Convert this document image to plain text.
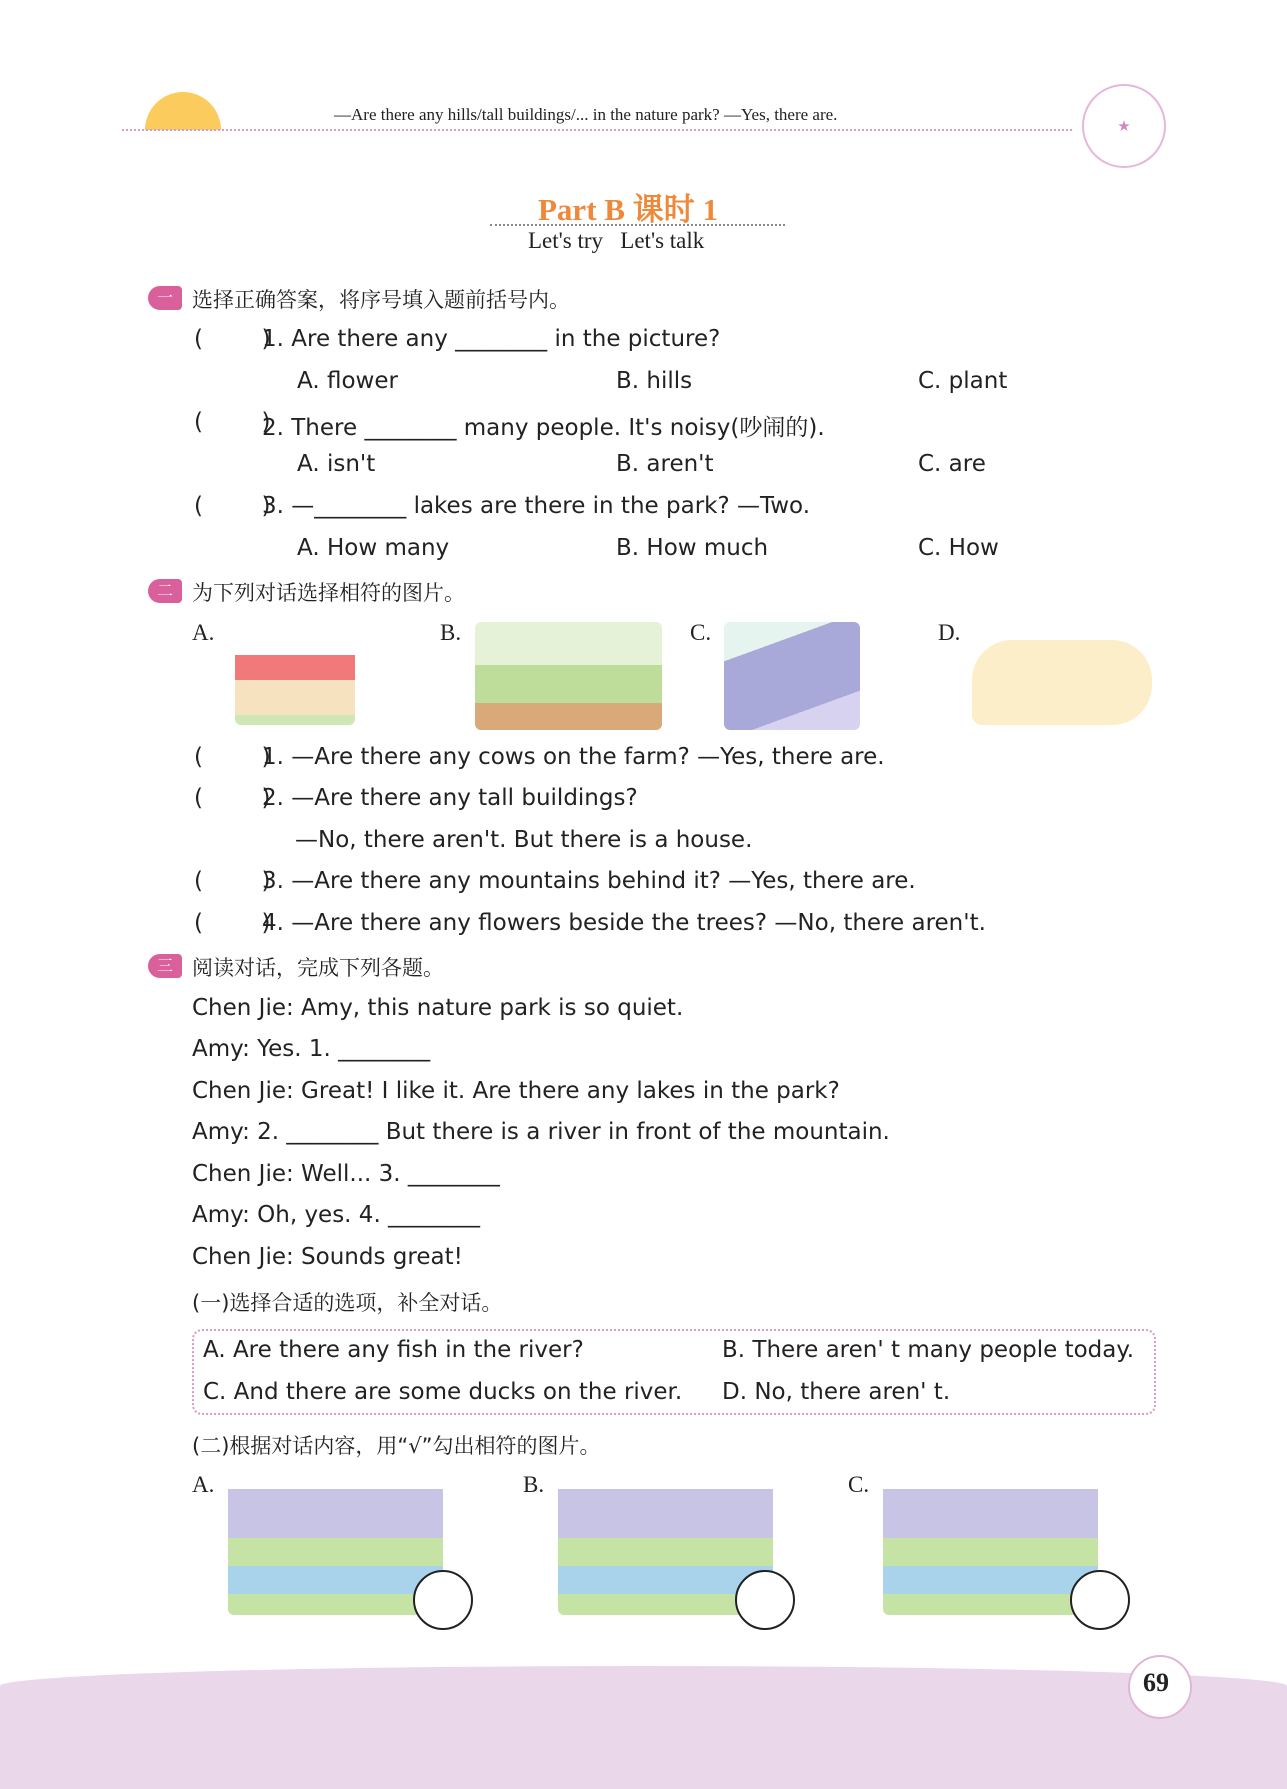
—Are there any hills/tall buildings/... in the nature park? —Yes, there are.
★
Part B 课时 1
Let's try   Let's talk
一 选择正确答案，将序号填入题前括号内。
(        )
1. Are there any ________ in the picture?
A. flower	B. hills	C. plant
(        )
2. There ________ many people. It's noisy(吵闹的).
A. isn't	B. aren't	C. are
(        )
3. —________ lakes are there in the park? —Two.
A. How many	B. How much	C. How
二 为下列对话选择相符的图片。
A.	B.	C.	D.
(        )
1. —Are there any cows on the farm? —Yes, there are.
(        )
2. —Are there any tall buildings?
—No, there aren't. But there is a house.
(        )
3. —Are there any mountains behind it? —Yes, there are.
(        )
4. —Are there any flowers beside the trees? —No, there aren't.
三 阅读对话，完成下列各题。
Chen Jie: Amy, this nature park is so quiet.
Amy: Yes. 1. ________
Chen Jie: Great! I like it. Are there any lakes in the park?
Amy: 2. ________ But there is a river in front of the mountain.
Chen Jie: Well... 3. ________
Amy: Oh, yes. 4. ________
Chen Jie: Sounds great!
(一)选择合适的选项，补全对话。
A. Are there any fish in the river?	B. There aren' t many people today.
C. And there are some ducks on the river. D. No, there aren' t.
(二)根据对话内容，用“√”勾出相符的图片。
A.	B.	C.
69
